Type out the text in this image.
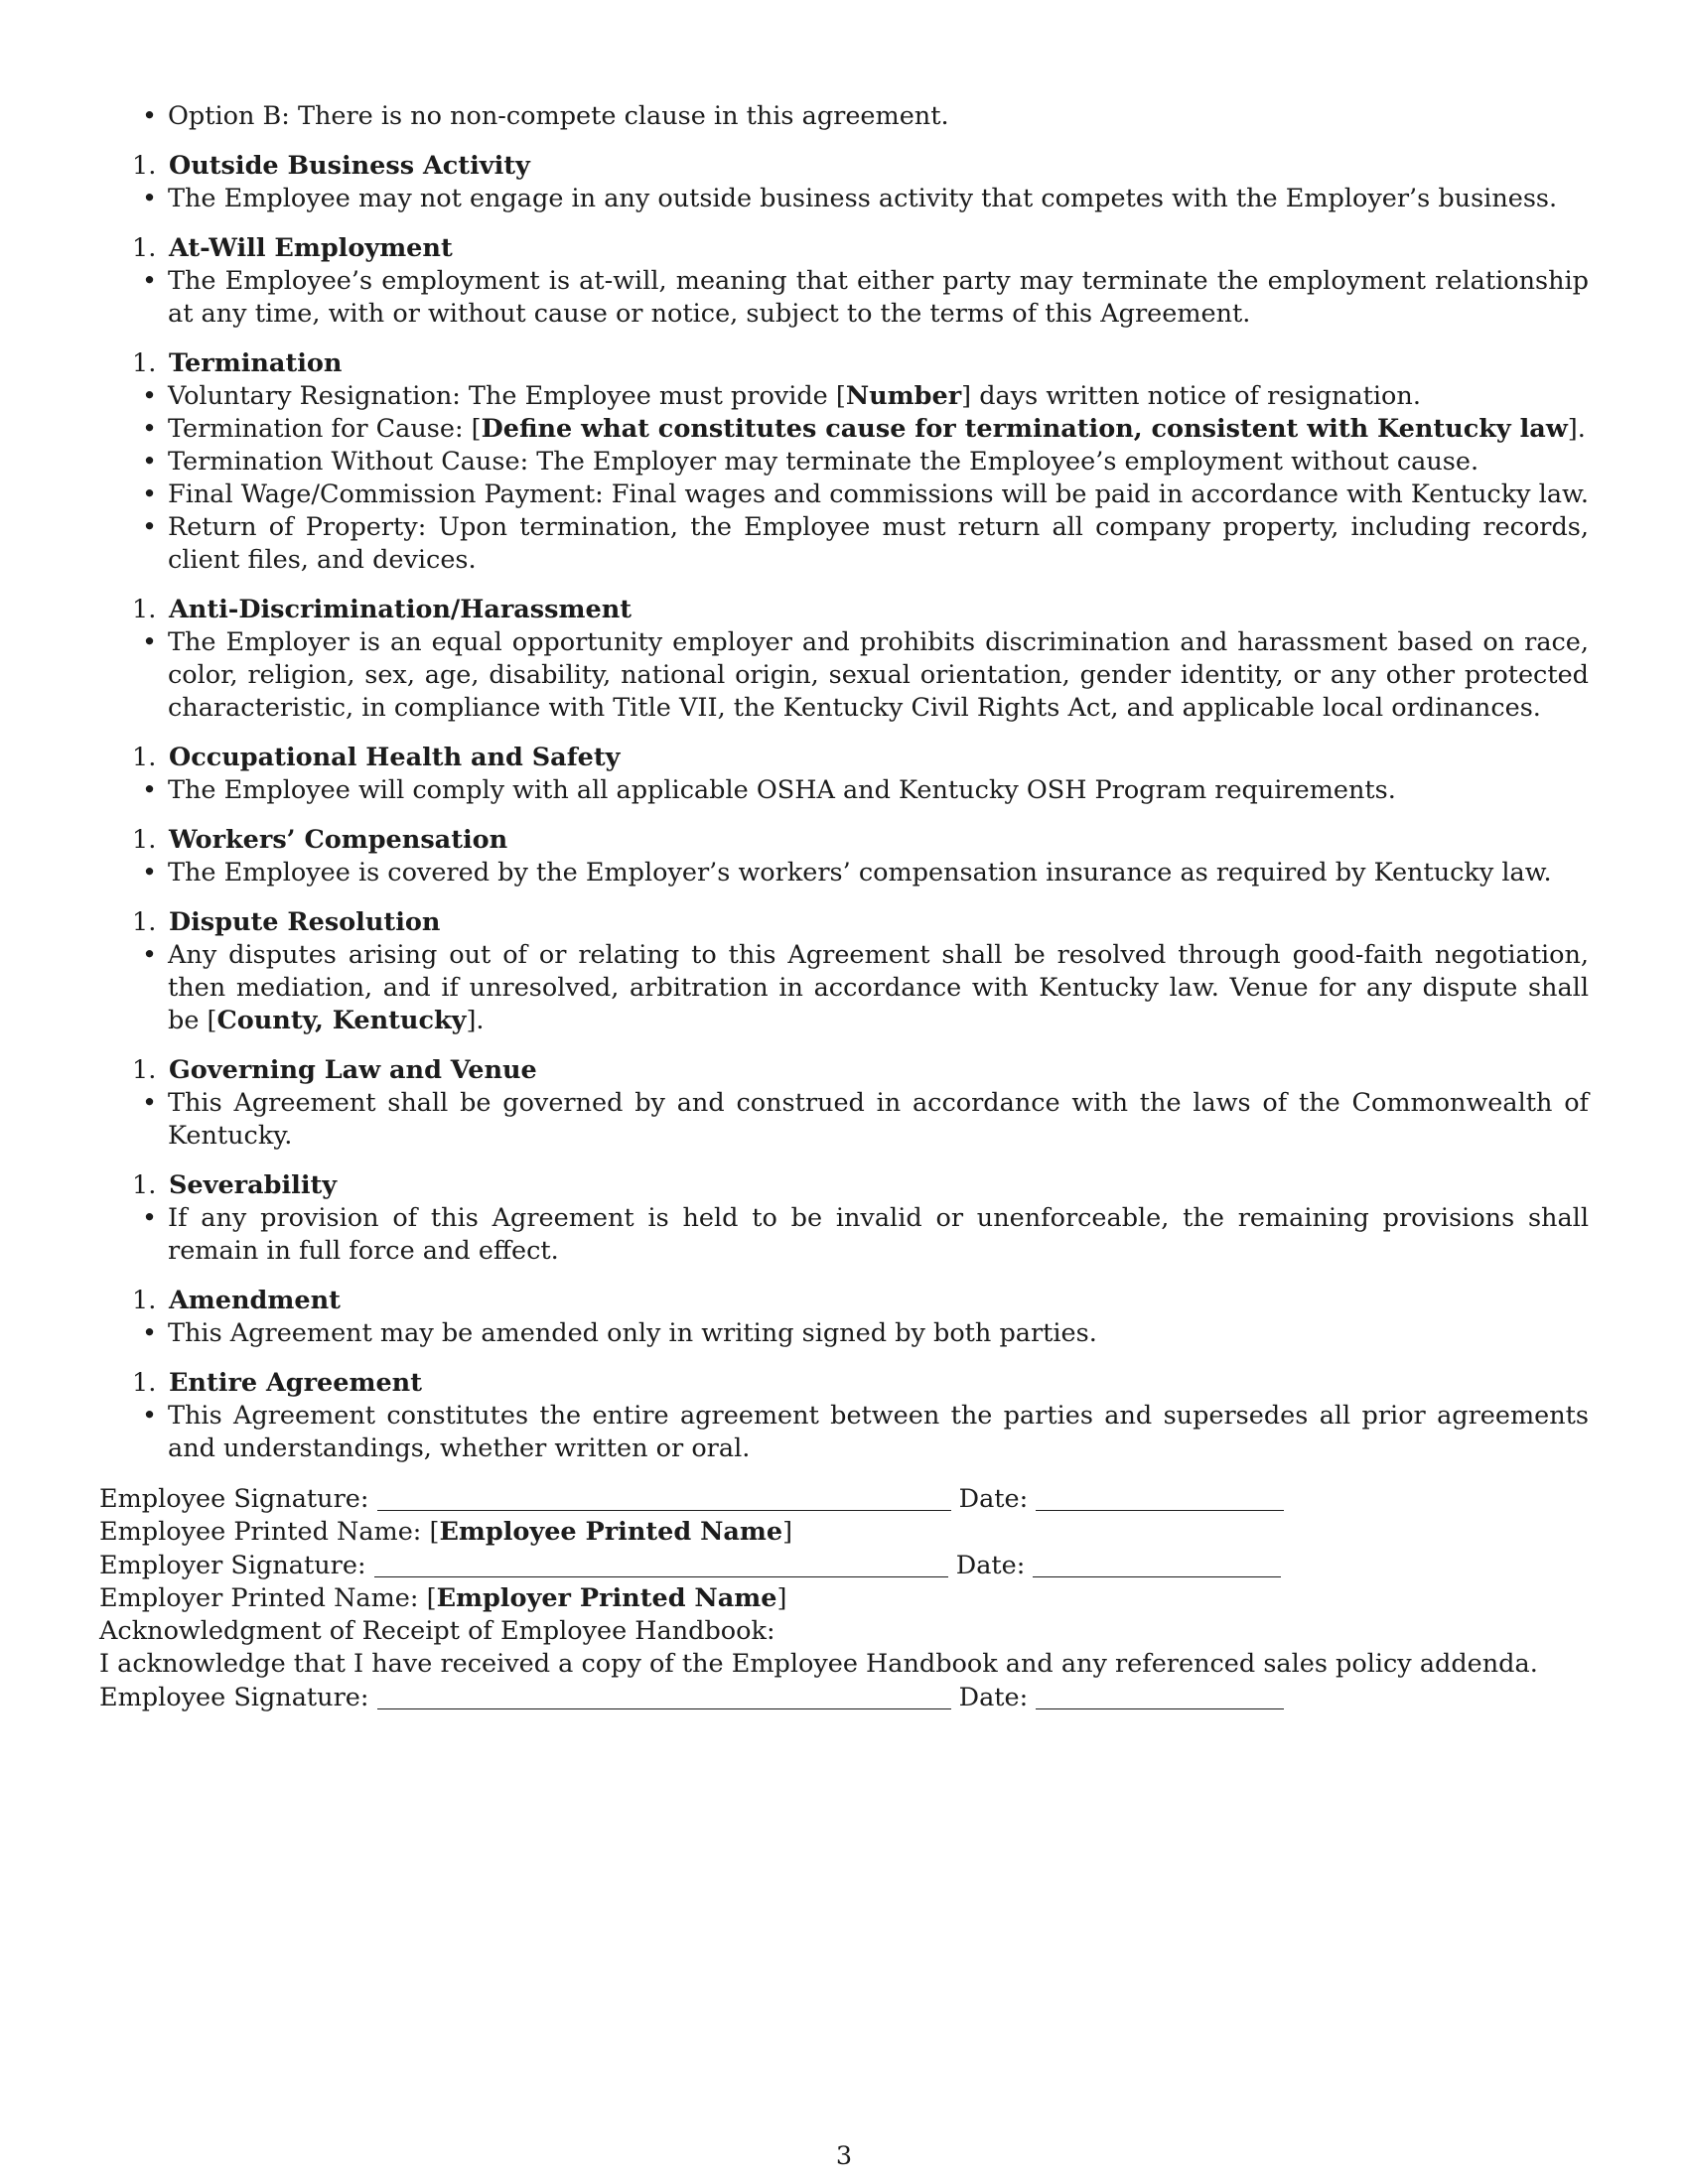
• Option B: There is no non-compete clause in this agreement.

1. Outside Business Activity

• The Employee may not engage in any outside business activity that competes with the Employer’s business.

1. At-Will Employment

• The Employee’s employment is at-will, meaning that either party may terminate the employment relationship at any time, with or without cause or notice, subject to the terms of this Agreement.

1. Termination

• Voluntary Resignation: The Employee must provide [Number] days written notice of resignation.
• Termination for Cause: [Define what constitutes cause for termination, consistent with Kentucky law].
• Termination Without Cause: The Employer may terminate the Employee’s employment without cause.
• Final Wage/Commission Payment: Final wages and commissions will be paid in accordance with Kentucky law.
• Return of Property: Upon termination, the Employee must return all company property, including records, client files, and devices.

1. Anti-Discrimination/Harassment

• The Employer is an equal opportunity employer and prohibits discrimination and harassment based on race, color, religion, sex, age, disability, national origin, sexual orientation, gender identity, or any other protected characteristic, in compliance with Title VII, the Kentucky Civil Rights Act, and applicable local ordinances.

1. Occupational Health and Safety

• The Employee will comply with all applicable OSHA and Kentucky OSH Program requirements.

1. Workers’ Compensation

• The Employee is covered by the Employer’s workers’ compensation insurance as required by Kentucky law.

1. Dispute Resolution

• Any disputes arising out of or relating to this Agreement shall be resolved through good-faith negotiation, then mediation, and if unresolved, arbitration in accordance with Kentucky law. Venue for any dispute shall be [County, Kentucky].

1. Governing Law and Venue

• This Agreement shall be governed by and construed in accordance with the laws of the Commonwealth of Kentucky.

1. Severability

• If any provision of this Agreement is held to be invalid or unenforceable, the remaining provisions shall remain in full force and effect.

1. Amendment

• This Agreement may be amended only in writing signed by both parties.

1. Entire Agreement

• This Agreement constitutes the entire agreement between the parties and supersedes all prior agreements and understandings, whether written or oral.

Employee Signature:	Date:

Employee Printed Name: [Employee Printed Name]

Employer Signature:	Date:

Employer Printed Name: [Employer Printed Name]

Acknowledgment of Receipt of Employee Handbook:

I acknowledge that I have received a copy of the Employee Handbook and any referenced sales policy addenda.

Employee Signature:	Date:

3
